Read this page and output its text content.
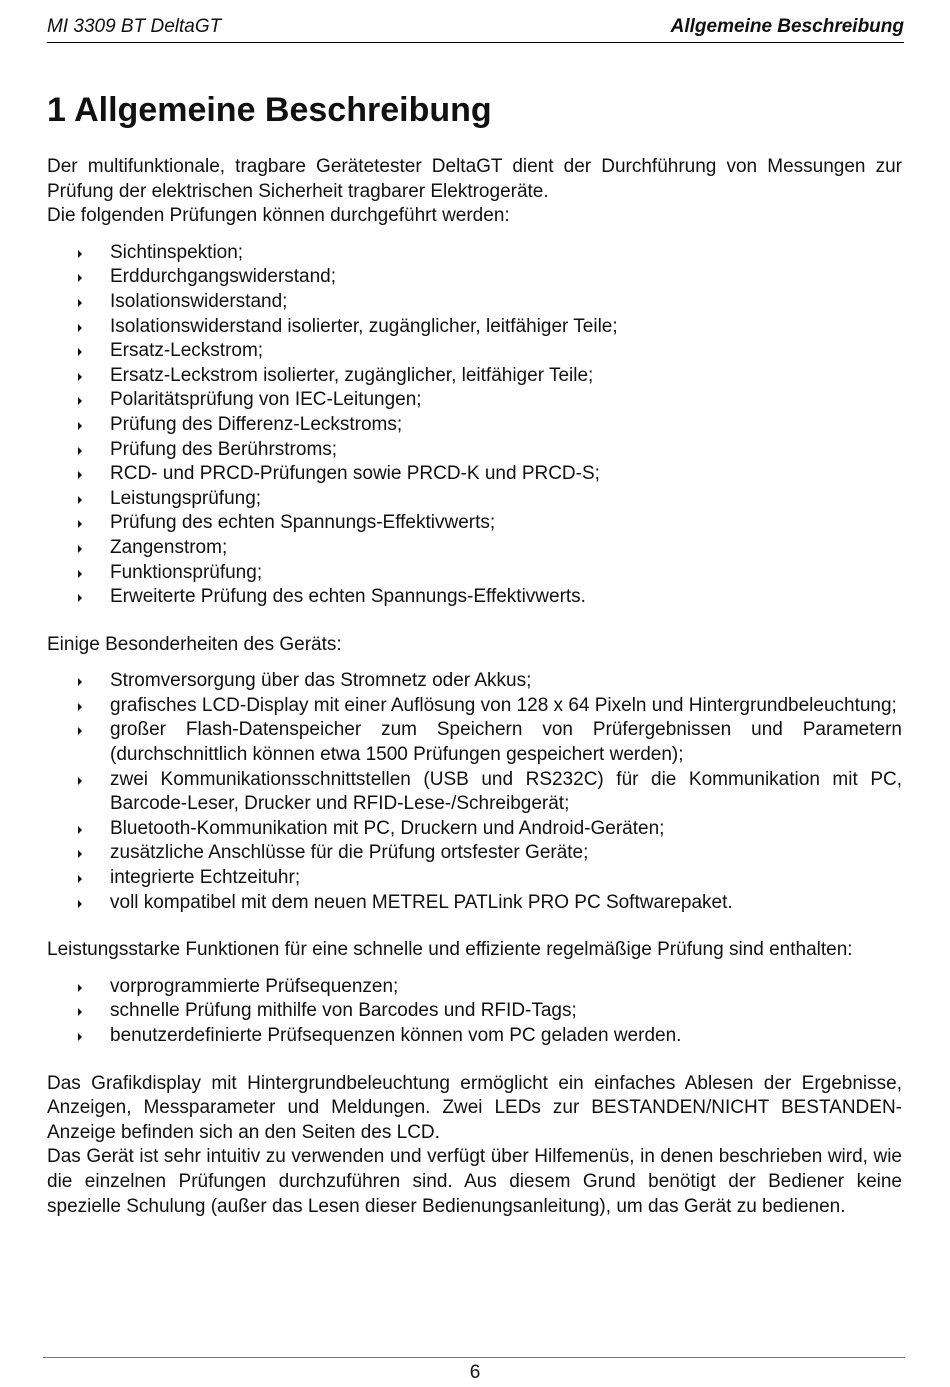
MI 3309 BT DeltaGT	Allgemeine Beschreibung
1 Allgemeine Beschreibung

Der multifunktionale, tragbare Gerätetester DeltaGT dient der Durchführung von Messungen zur Prüfung der elektrischen Sicherheit tragbarer Elektrogeräte.

Die folgenden Prüfungen können durchgeführt werden:

Sichtinspektion;
Erddurchgangswiderstand;
Isolationswiderstand;
Isolationswiderstand isolierter, zugänglicher, leitfähiger Teile;
Ersatz-Leckstrom;
Ersatz-Leckstrom isolierter, zugänglicher, leitfähiger Teile;
Polaritätsprüfung von IEC-Leitungen;
Prüfung des Differenz-Leckstroms;
Prüfung des Berührstroms;
RCD- und PRCD-Prüfungen sowie PRCD-K und PRCD-S;
Leistungsprüfung;
Prüfung des echten Spannungs-Effektivwerts;
Zangenstrom;
Funktionsprüfung;
Erweiterte Prüfung des echten Spannungs-Effektivwerts.

Einige Besonderheiten des Geräts:

Stromversorgung über das Stromnetz oder Akkus;
grafisches LCD-Display mit einer Auflösung von 128 x 64 Pixeln und Hintergrundbeleuchtung;
großer Flash-Datenspeicher zum Speichern von Prüfergebnissen und Parametern (durchschnittlich können etwa 1500 Prüfungen gespeichert werden);
zwei Kommunikationsschnittstellen (USB und RS232C) für die Kommunikation mit PC, Barcode-Leser, Drucker und RFID-Lese-/Schreibgerät;
Bluetooth-Kommunikation mit PC, Druckern und Android-Geräten;
zusätzliche Anschlüsse für die Prüfung ortsfester Geräte;
integrierte Echtzeituhr;
voll kompatibel mit dem neuen METREL PATLink PRO PC Softwarepaket.

Leistungsstarke Funktionen für eine schnelle und effiziente regelmäßige Prüfung sind enthalten:

vorprogrammierte Prüfsequenzen;
schnelle Prüfung mithilfe von Barcodes und RFID-Tags;
benutzerdefinierte Prüfsequenzen können vom PC geladen werden.

Das Grafikdisplay mit Hintergrundbeleuchtung ermöglicht ein einfaches Ablesen der Ergebnisse, Anzeigen, Messparameter und Meldungen. Zwei LEDs zur BESTANDEN/NICHT BESTANDEN-Anzeige befinden sich an den Seiten des LCD.

Das Gerät ist sehr intuitiv zu verwenden und verfügt über Hilfemenüs, in denen beschrieben wird, wie die einzelnen Prüfungen durchzuführen sind. Aus diesem Grund benötigt der Bediener keine spezielle Schulung (außer das Lesen dieser Bedienungsanleitung), um das Gerät zu bedienen.

6
